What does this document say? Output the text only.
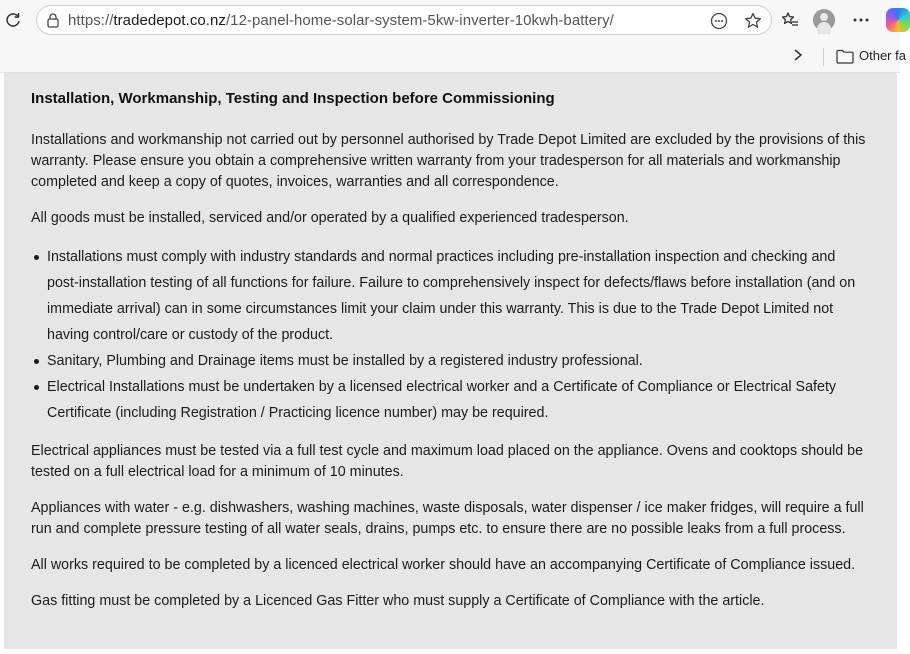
https://tradedepot.co.nz/12-panel-home-solar-system-5kw-inverter-10kwh-battery/
Other fa
Installation, Workmanship, Testing and Inspection before Commissioning

Installations and workmanship not carried out by personnel authorised by Trade Depot Limited are excluded by the provisions of this warranty. Please ensure you obtain a comprehensive written warranty from your tradesperson for all materials and workmanship completed and keep a copy of quotes, invoices, warranties and all correspondence.

All goods must be installed, serviced and/or operated by a qualified experienced tradesperson.

Installations must comply with industry standards and normal practices including pre-installation inspection and checking and post-installation testing of all functions for failure. Failure to comprehensively inspect for defects/flaws before installation (and on immediate arrival) can in some circumstances limit your claim under this warranty. This is due to the Trade Depot Limited not having control/care or custody of the product.
Sanitary, Plumbing and Drainage items must be installed by a registered industry professional.
Electrical Installations must be undertaken by a licensed electrical worker and a Certificate of Compliance or Electrical Safety Certificate (including Registration / Practicing licence number) may be required.

Electrical appliances must be tested via a full test cycle and maximum load placed on the appliance. Ovens and cooktops should be tested on a full electrical load for a minimum of 10 minutes.

Appliances with water - e.g. dishwashers, washing machines, waste disposals, water dispenser / ice maker fridges, will require a full run and complete pressure testing of all water seals, drains, pumps etc. to ensure there are no possible leaks from a full process.

All works required to be completed by a licenced electrical worker should have an accompanying Certificate of Compliance issued.

Gas fitting must be completed by a Licenced Gas Fitter who must supply a Certificate of Compliance with the article.
